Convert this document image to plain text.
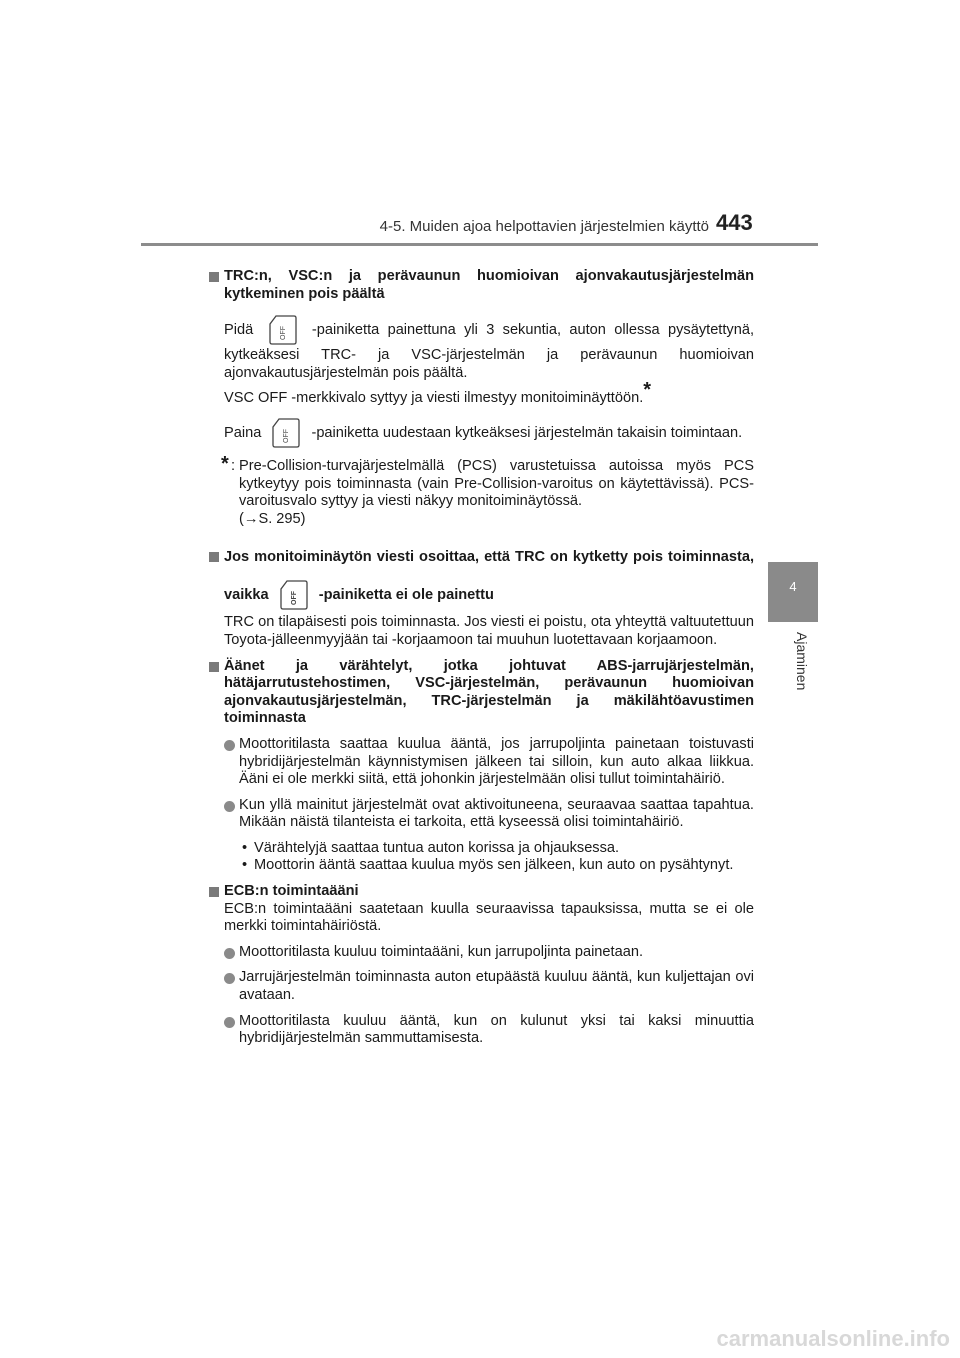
4-5. Muiden ajoa helpottavien järjestelmien käyttö 443
4
Ajaminen

TRC:n, VSC:n ja perävaunun huomioivan ajonvakautusjärjestelmän kytkeminen pois päältä

Pidä	OFF -painiketta painettuna yli 3 sekuntia, auton ollessa pysäytettynä, kytkeäksesi TRC- ja VSC-järjestelmän ja perävaunun huomioivan ajonvakautusjärjestelmän pois päältä.

VSC OFF -merkkivalo syttyy ja viesti ilmestyy monitoiminäyttöön.*

Paina	OFF -painiketta uudestaan kytkeäksesi järjestelmän takaisin toimintaan.

* : Pre-Collision-turvajärjestelmällä (PCS) varustetuissa autoissa myös PCS kytkeytyy pois toiminnasta (vain Pre-Collision-varoitus on käytettävissä). PCS-varoitusvalo syttyy ja viesti näkyy monitoiminäytössä.

(→S. 295)

Jos monitoiminäytön viesti osoittaa, että TRC on kytketty pois toiminnasta, vaikka	OFF -painiketta ei ole painettu

TRC on tilapäisesti pois toiminnasta. Jos viesti ei poistu, ota yhteyttä valtuutettuun Toyota-jälleenmyyjään tai -korjaamoon tai muuhun luotettavaan korjaamoon.

Äänet ja värähtelyt, jotka johtuvat ABS-jarrujärjestelmän, hätäjarrutustehostimen, VSC-järjestelmän, perävaunun huomioivan ajonvakautusjärjestelmän, TRC-järjestelmän ja mäkilähtöavustimen toiminnasta

Moottoritilasta saattaa kuulua ääntä, jos jarrupoljinta painetaan toistuvasti hybridijärjestelmän käynnistymisen jälkeen tai silloin, kun auto alkaa liikkua. Ääni ei ole merkki siitä, että johonkin järjestelmään olisi tullut toimintahäiriö.

Kun yllä mainitut järjestelmät ovat aktivoituneena, seuraavaa saattaa tapahtua. Mikään näistä tilanteista ei tarkoita, että kyseessä olisi toimintahäiriö.

• Värähtelyjä saattaa tuntua auton korissa ja ohjauksessa.

• Moottorin ääntä saattaa kuulua myös sen jälkeen, kun auto on pysähtynyt.

ECB:n toimintaääni

ECB:n toimintaääni saatetaan kuulla seuraavissa tapauksissa, mutta se ei ole merkki toimintahäiriöstä.

Moottoritilasta kuuluu toimintaääni, kun jarrupoljinta painetaan.

Jarrujärjestelmän toiminnasta auton etupäästä kuuluu ääntä, kun kuljettajan ovi avataan.

Moottoritilasta kuuluu ääntä, kun on kulunut yksi tai kaksi minuuttia hybridijärjestelmän sammuttamisesta.

carmanualsonline.info
